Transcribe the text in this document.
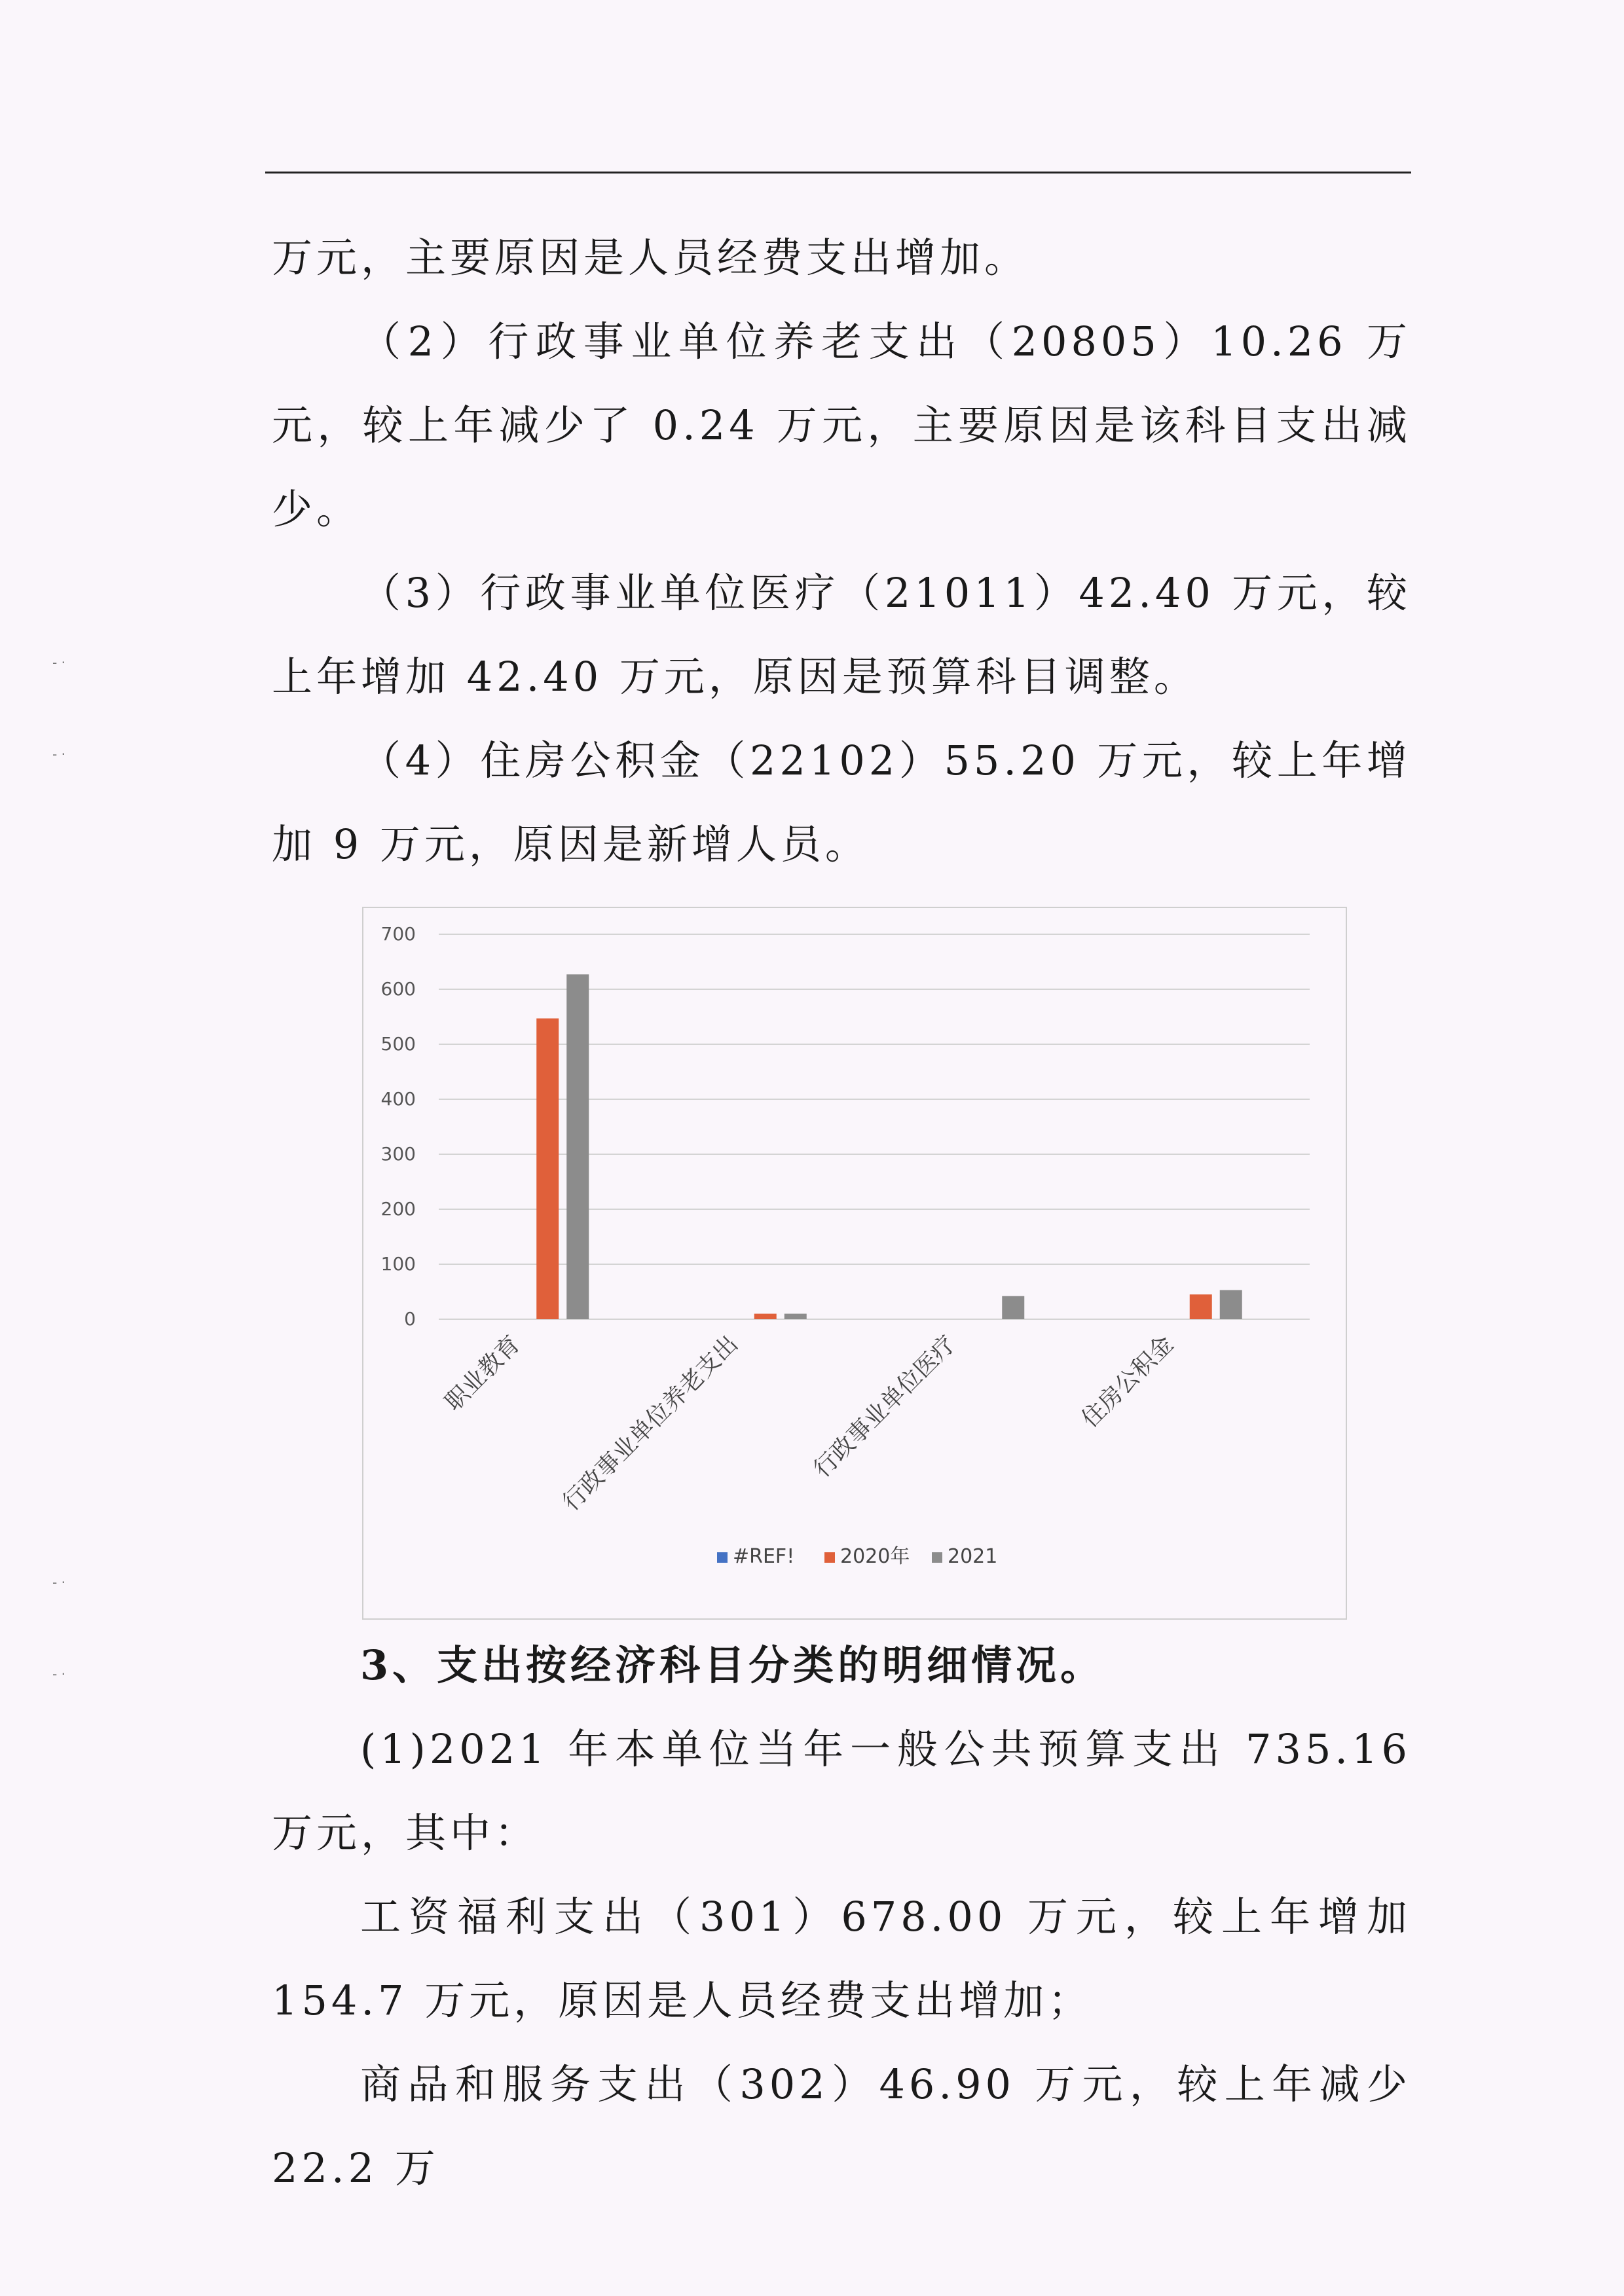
万元，主要原因是人员经费支出增加。

（2）行政事业单位养老支出（20805）10.26 万元，较上年减少了 0.24 万元，主要原因是该科目支出减少。

（3）行政事业单位医疗（21011）42.40 万元，较上年增加 42.40 万元，原因是预算科目调整。

（4）住房公积金（22102）55.20 万元，较上年增加 9 万元，原因是新增人员。

- ·
- ·
- ·
- ·
0
100
200
300
400
500
600
700
职业教育 行政事业单位养老支出	行政事业单位医疗	住房公积金
#REF! 2020年 2021

3、支出按经济科目分类的明细情况。

(1)2021 年本单位当年一般公共预算支出 735.16 万元，其中：

工资福利支出（301）678.00 万元，较上年增加 154.7 万元，原因是人员经费支出增加；

商品和服务支出（302）46.90 万元，较上年减少 22.2 万
